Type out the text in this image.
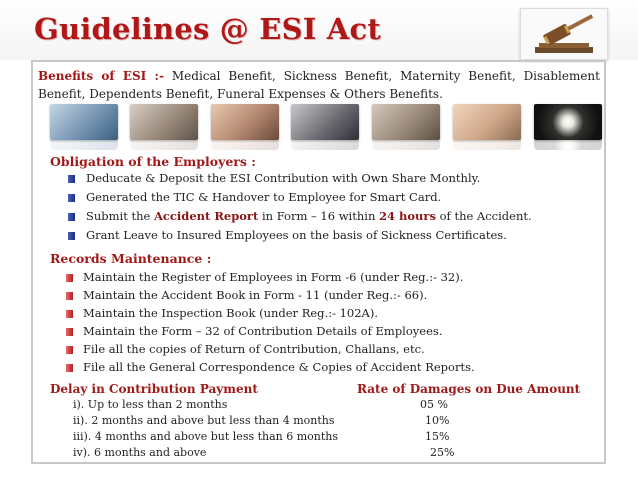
Guidelines @ ESI Act
Benefits of ESI :- Medical Benefit, Sickness Benefit, Maternity Benefit, Disablement Benefit, Dependents Benefit, Funeral Expenses & Others Benefits.
Obligation of the Employers :
Deducate & Deposit the ESI Contribution with Own Share Monthly.
Generated the TIC & Handover to Employee for Smart Card.
Submit the Accident Report in Form – 16 within 24 hours of the Accident.
Grant Leave to Insured Employees on the basis of Sickness Certificates.
Records Maintenance :
Maintain the Register of Employees in Form -6 (under Reg.:- 32).
Maintain the Accident Book in Form - 11 (under Reg.:- 66).
Maintain the Inspection Book (under Reg.:- 102A).
Maintain the Form – 32 of Contribution Details of Employees.
File all the copies of Return of Contribution, Challans, etc.
File all the General Correspondence & Copies of Accident Reports.
Delay in Contribution Payment	Rate of Damages on Due Amount
i). Up to less than 2 months	05 %
ii). 2 months and above but less than 4 months	10%
iii). 4 months and above but less than 6 months	15%
iv). 6 months and above	25%
